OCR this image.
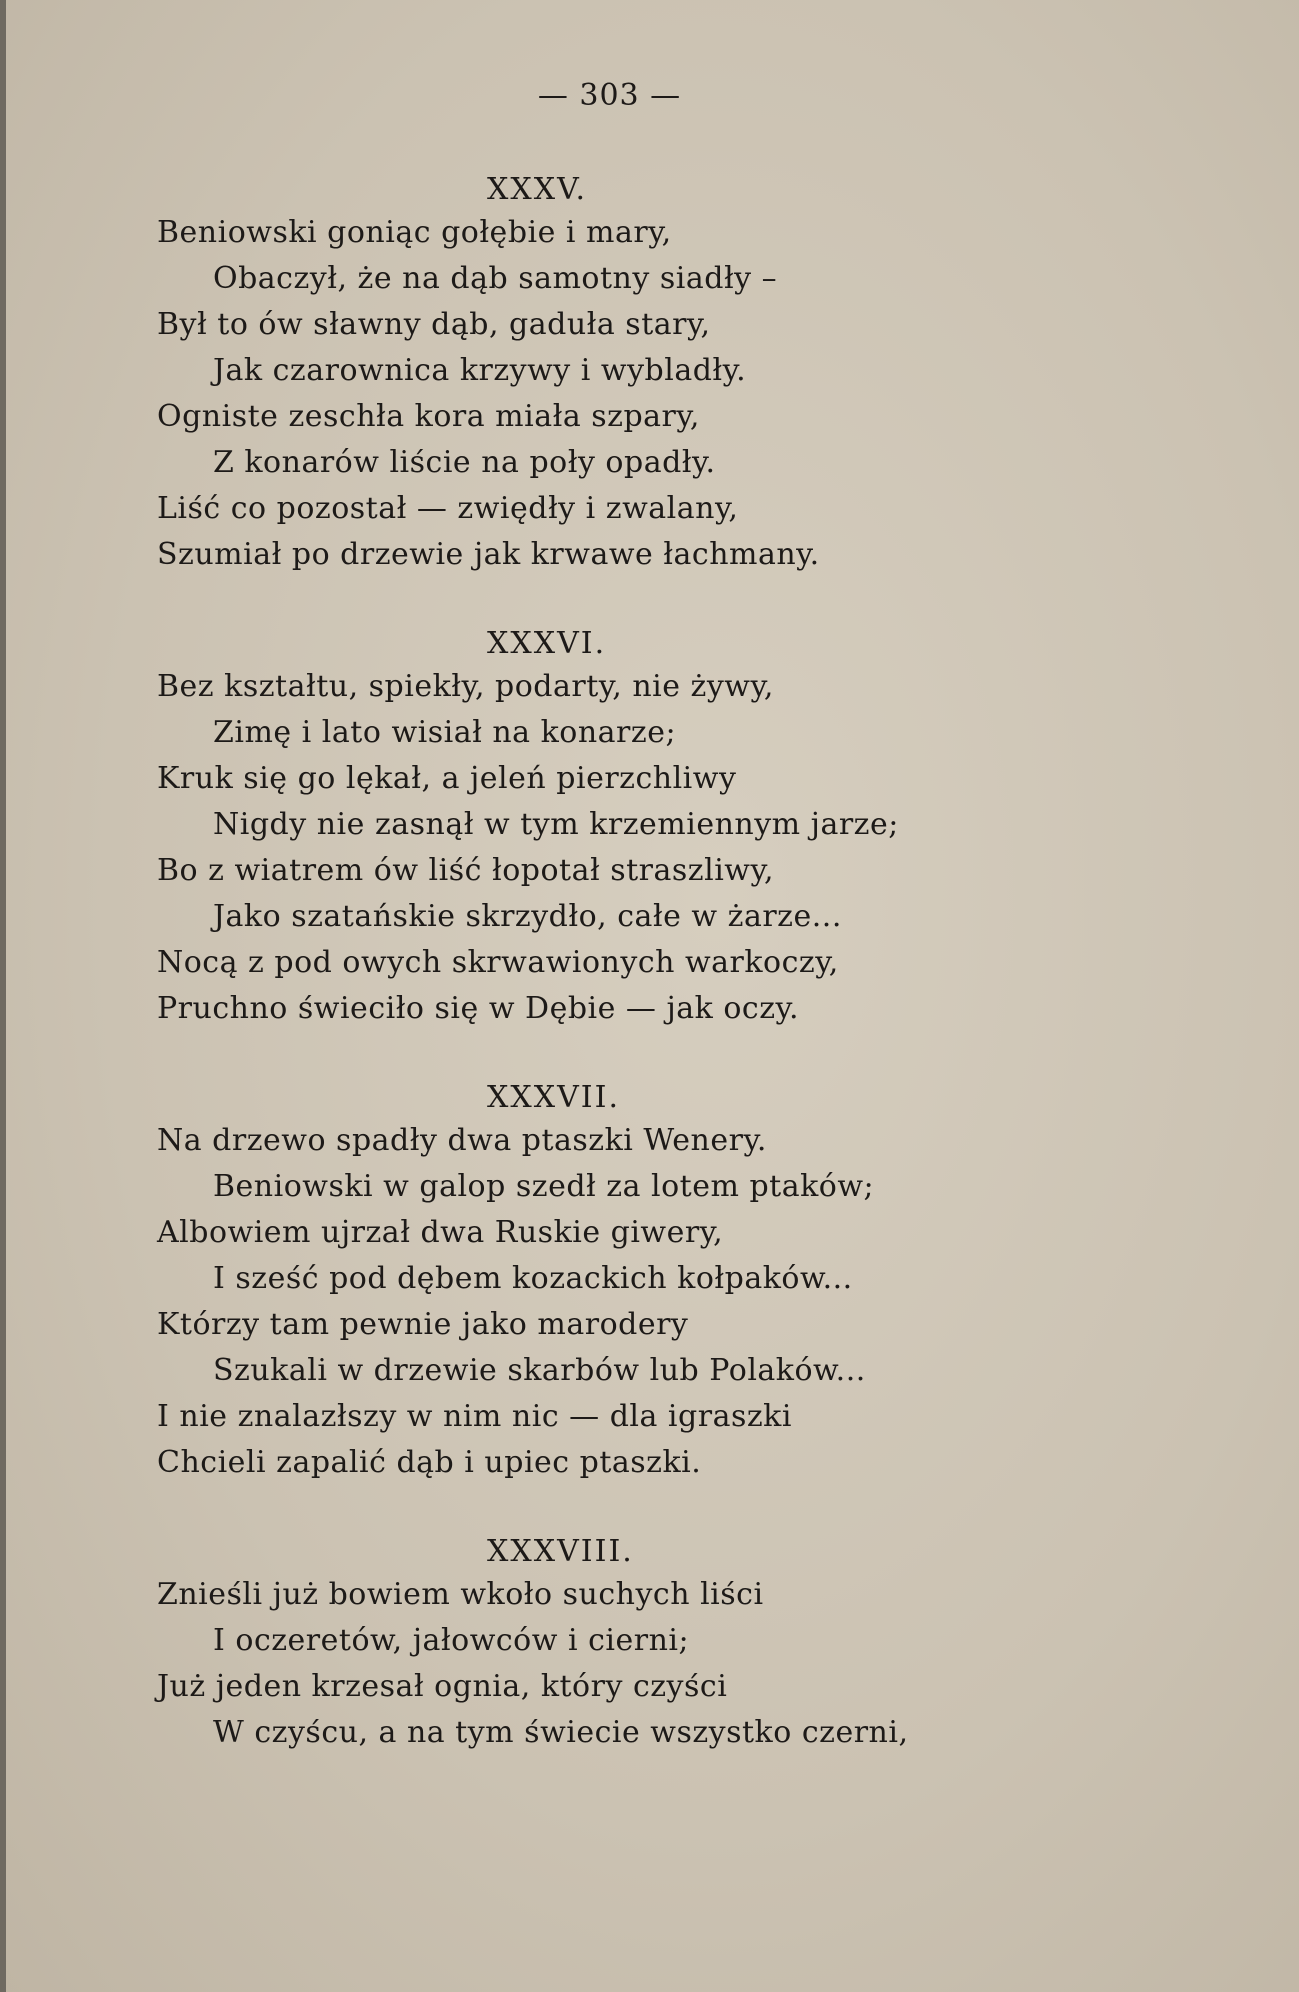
— 303 —
XXXV.
Beniowski goniąc gołębie i mary,
Obaczył, że na dąb samotny siadły –
Był to ów sławny dąb, gaduła stary,
Jak czarownica krzywy i wybladły.
Ogniste zeschła kora miała szpary,
Z konarów liście na poły opadły.
Liść co pozostał — zwiędły i zwalany,
Szumiał po drzewie jak krwawe łachmany.
XXXVI.
Bez kształtu, spiekły, podarty, nie żywy,
Zimę i lato wisiał na konarze;
Kruk się go lękał, a jeleń pierzchliwy
Nigdy nie zasnął w tym krzemiennym jarze;
Bo z wiatrem ów liść łopotał straszliwy,
Jako szatańskie skrzydło, całe w żarze...
Nocą z pod owych skrwawionych warkoczy,
Pruchno świeciło się w Dębie — jak oczy.
XXXVII.
Na drzewo spadły dwa ptaszki Wenery.
Beniowski w galop szedł za lotem ptaków;
Albowiem ujrzał dwa Ruskie giwery,
I sześć pod dębem kozackich kołpaków...
Którzy tam pewnie jako marodery
Szukali w drzewie skarbów lub Polaków...
I nie znalazłszy w nim nic — dla igraszki
Chcieli zapalić dąb i upiec ptaszki.
XXXVIII.
Znieśli już bowiem wkoło suchych liści
I oczeretów, jałowców i cierni;
Już jeden krzesał ognia, który czyści
W czyścu, a na tym świecie wszystko czerni,
